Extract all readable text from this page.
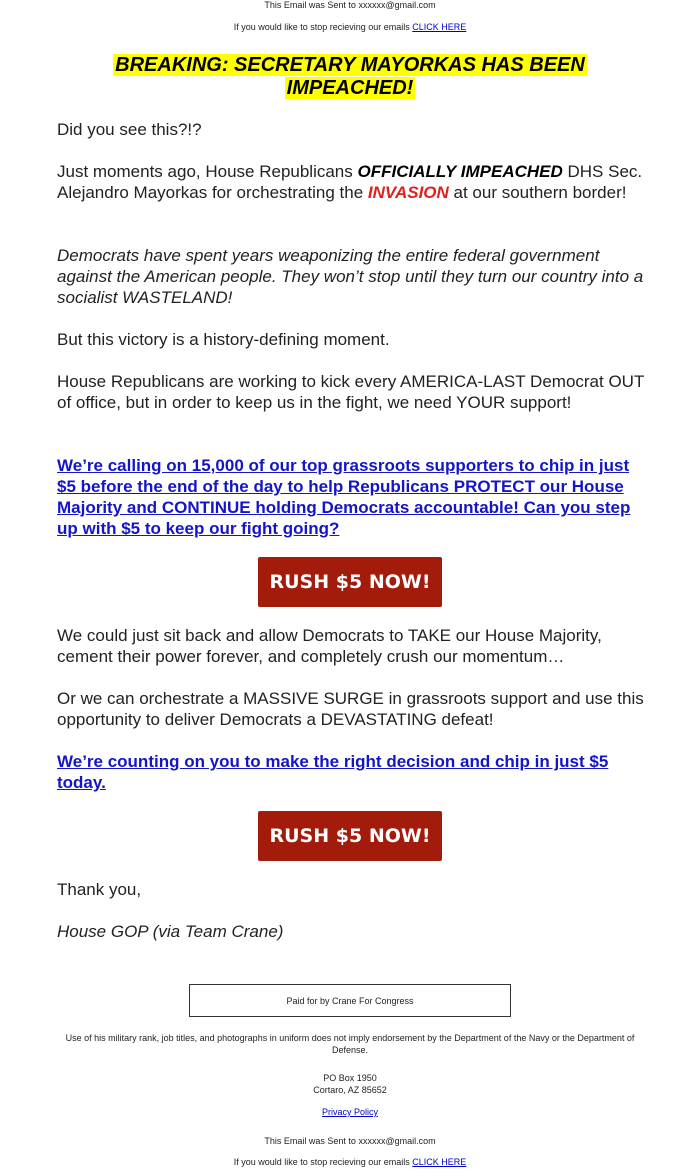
This Email was Sent to xxxxxx@gmail.com
If you would like to stop recieving our emails CLICK HERE
BREAKING: SECRETARY MAYORKAS HAS BEEN
IMPEACHED!

Did you see this?!?

Just moments ago, House Republicans OFFICIALLY IMPEACHED DHS Sec. Alejandro Mayorkas for orchestrating the INVASION at our southern border!

Democrats have spent years weaponizing the entire federal government against the American people. They won’t stop until they turn our country into a socialist WASTELAND!

But this victory is a history-defining moment.

House Republicans are working to kick every AMERICA-LAST Democrat OUT of office, but in order to keep us in the fight, we need YOUR support!

We’re calling on 15,000 of our top grassroots supporters to chip in just $5 before the end of the day to help Republicans PROTECT our House Majority and CONTINUE holding Democrats accountable! Can you step up with $5 to keep our fight going?
RUSH $5 NOW!

We could just sit back and allow Democrats to TAKE our House Majority, cement their power forever, and completely crush our momentum…

Or we can orchestrate a MASSIVE SURGE in grassroots support and use this opportunity to deliver Democrats a DEVASTATING defeat!

We’re counting on you to make the right decision and chip in just $5 today.
RUSH $5 NOW!

Thank you,

House GOP (via Team Crane)

Paid for by Crane For Congress
Use of his military rank, job titles, and photographs in uniform does not imply endorsement by the Department of the Navy or the Department of Defense.
PO Box 1950
Cortaro, AZ 85652
Privacy Policy
This Email was Sent to xxxxxx@gmail.com
If you would like to stop recieving our emails CLICK HERE
